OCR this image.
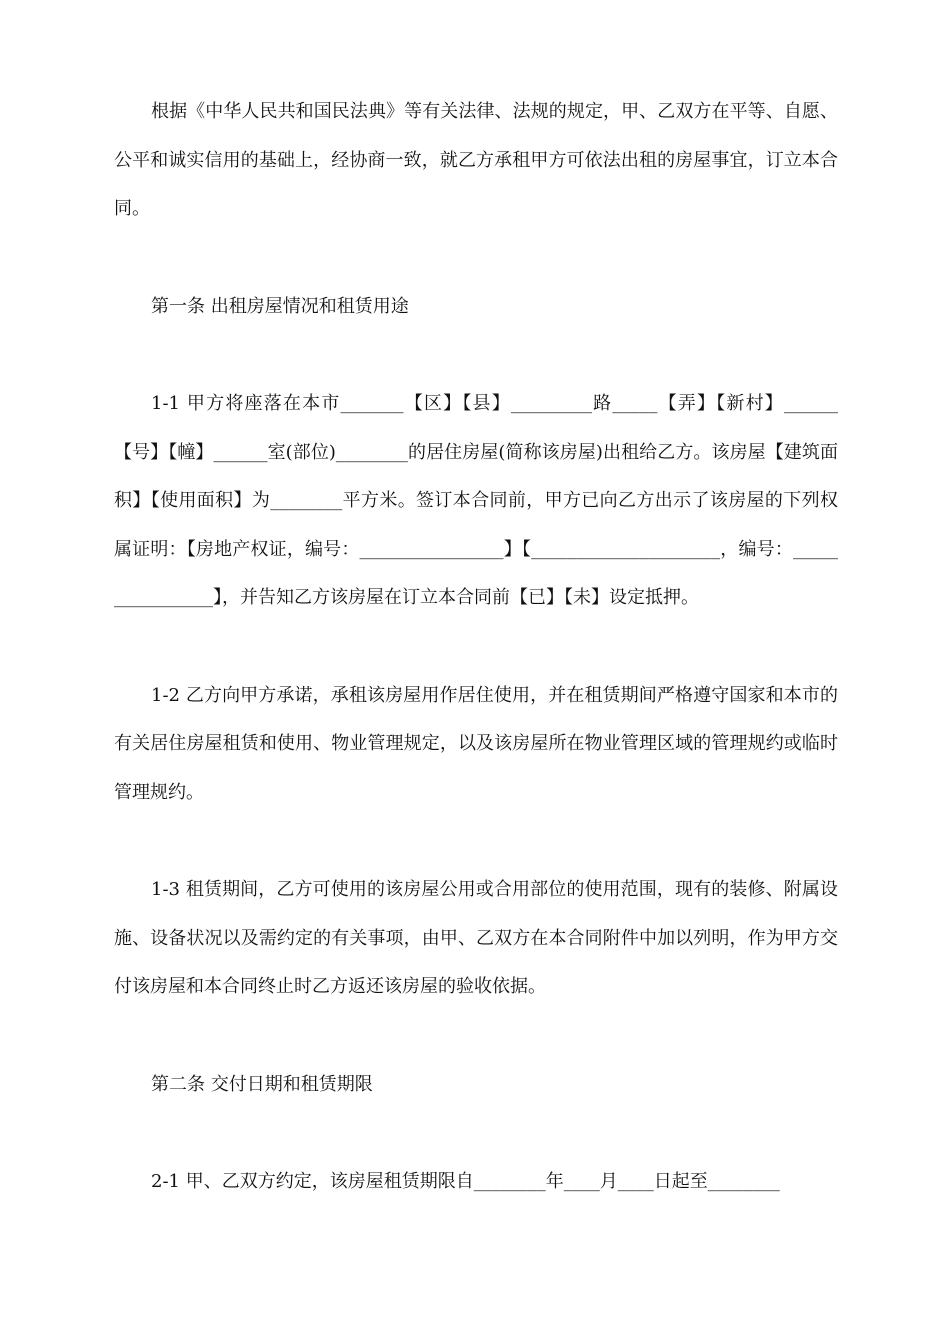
根据《中华人民共和国民法典》等有关法律、法规的规定，甲、乙双方在平等、自愿、公平和诚实信用的基础上，经协商一致，就乙方承租甲方可依法出租的房屋事宜，订立本合同。

第一条 出租房屋情况和租赁用途

1-1 甲方将座落在本市_______【区】【县】_________路_____【弄】【新村】______【号】【幢】______室(部位)________的居住房屋(简称该房屋)出租给乙方。该房屋【建筑面积】【使用面积】为________平方米。签订本合同前，甲方已向乙方出示了该房屋的下列权属证明：【房地产权证，编号：________________】【_____________________，编号：________________】，并告知乙方该房屋在订立本合同前【已】【未】设定抵押。

1-2 乙方向甲方承诺，承租该房屋用作居住使用，并在租赁期间严格遵守国家和本市的有关居住房屋租赁和使用、物业管理规定，以及该房屋所在物业管理区域的管理规约或临时管理规约。

1-3 租赁期间，乙方可使用的该房屋公用或合用部位的使用范围，现有的装修、附属设施、设备状况以及需约定的有关事项，由甲、乙双方在本合同附件中加以列明，作为甲方交付该房屋和本合同终止时乙方返还该房屋的验收依据。

第二条 交付日期和租赁期限

2-1 甲、乙双方约定，该房屋租赁期限自________年____月____日起至________
